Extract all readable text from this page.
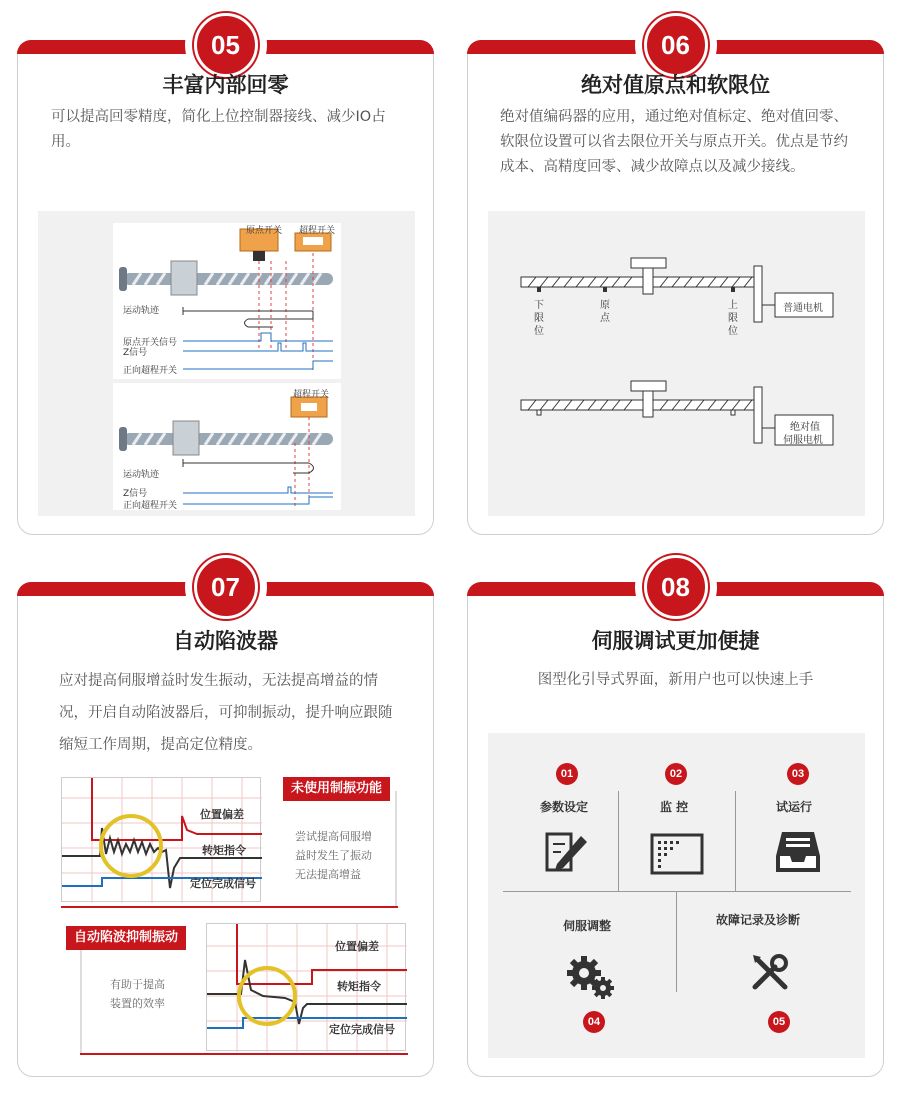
05
丰富内部回零
可以提高回零精度，简化上位控制器接线、减少IO占用。
原点开关 超程开关
运动轨迹
原点开关信号
Z信号
正向超程开关
超程开关
运动轨迹
Z信号
正向超程开关
06
绝对值原点和软限位
绝对值编码器的应用，通过绝对值标定、绝对值回零、软限位设置可以省去限位开关与原点开关。优点是节约成本、高精度回零、减少故障点以及减少接线。
下限位
原点
上限位
普通电机
绝对值
伺服电机
07
自动陷波器
应对提高伺服增益时发生振动，无法提高增益的情况，开启自动陷波器后，可抑制振动，提升响应跟随缩短工作周期，提高定位精度。
位置偏差
转矩指令
定位完成信号
未使用制振功能
尝试提高伺服增
益时发生了振动
无法提高增益
自动陷波抑制振动
有助于提高
装置的效率
位置偏差
转矩指令
定位完成信号
08
伺服调试更加便捷
图型化引导式界面，新用户也可以快速上手
01
参数设定
02
监 控
03
试运行
伺服调整
04
故障记录及诊断
05
